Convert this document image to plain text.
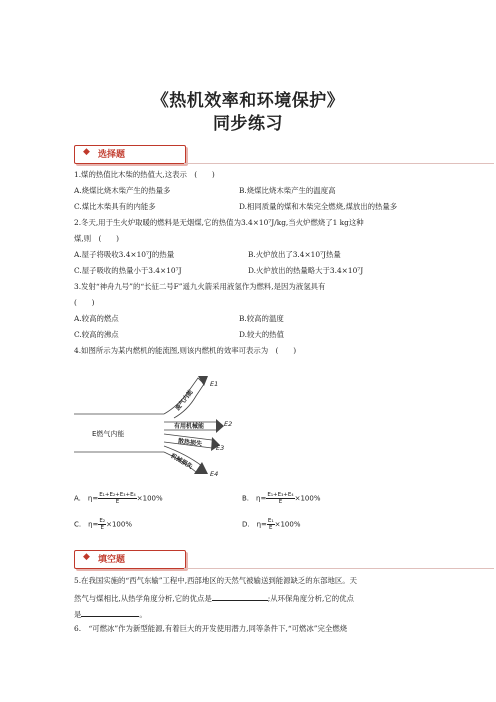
《热机效率和环境保护》
同步练习
◆ 选择题
1.煤的热值比木柴的热值大,这表示　(　　)
A.烧煤比烧木柴产生的热量多	B.烧煤比烧木柴产生的温度高
C.煤比木柴具有的内能多	D.相同质量的煤和木柴完全燃烧,煤放出的热量多
2.冬天,用于生火炉取暖的燃料是无烟煤,它的热值为3.4×10⁷J/kg,当火炉燃烧了1 kg这种
煤,则　(　　)
A.屋子将吸收3.4×10⁷J的热量	B.火炉放出了3.4×10⁷J热量
C.屋子吸收的热量小于3.4×10⁷J	D.火炉放出的热量略大于3.4×10⁷J
3.发射“神舟九号”的“长征二号F”遥九火箭采用液氢作为燃料,是因为液氢具有
(　　)
A.较高的燃点	B.较高的温度
C.较高的沸点	D.较大的热值
4.如图所示为某内燃机的能流图,则该内燃机的效率可表示为　(　　)
E燃气内能
废气内能
有用机械能
散热损失
机械损失
E1
E2
E3
E4
A.　$\eta= \frac{\text{E₁+E₂+E₃+E₄}}{E} \times 100\%$	B.　$\eta= \frac{\text{E₁+E₃+E₄}}{E} \times 100\%$
C.　$\eta= \frac{\text{E₂}}{E} \times 100\%$	D.　$\eta= \frac{\text{E₁}}{E} \times 100\%$
◆ 填空题
5.在我国实施的“西气东输”工程中,西部地区的天然气被输送到能源缺乏的东部地区。天
然气与煤相比,从热学角度分析,它的优点是	;从环保角度分析,它的优点
是	。
6.　“可燃冰”作为新型能源,有着巨大的开发使用潜力,同等条件下,“可燃冰”完全燃烧
